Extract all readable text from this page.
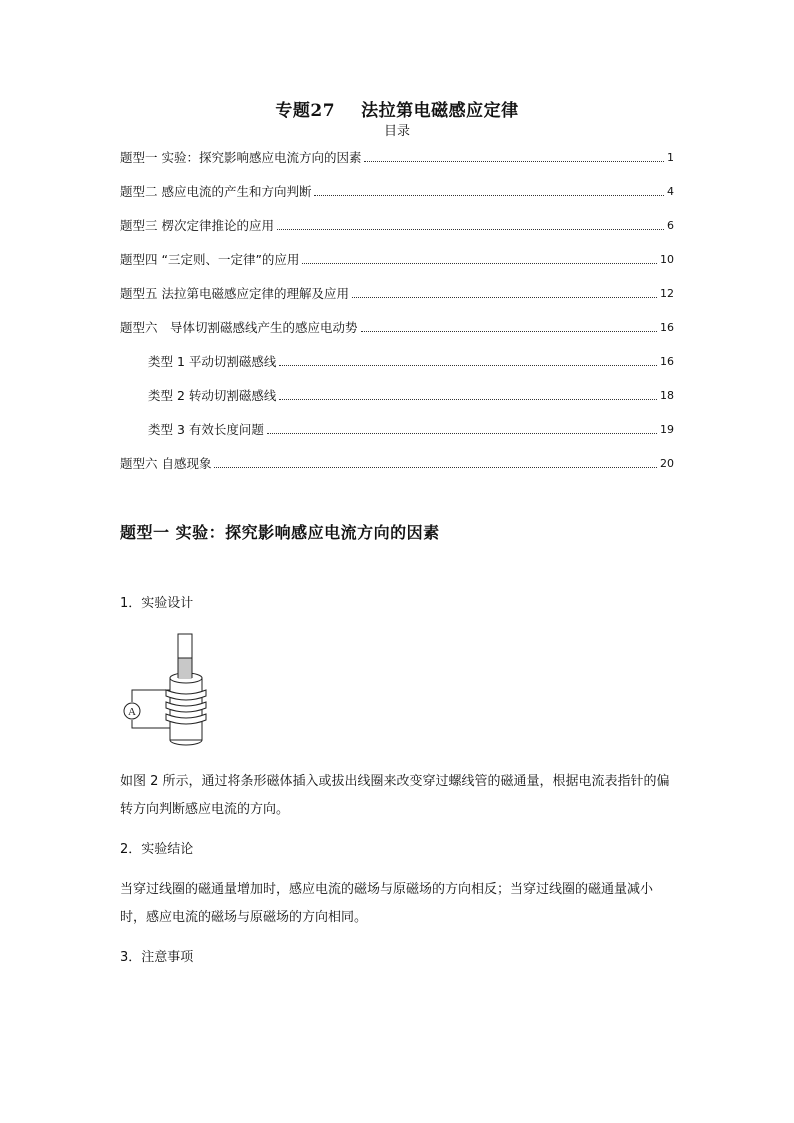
专题27 法拉第电磁感应定律
目录
题型一 实验：探究影响感应电流方向的因素	1
题型二 感应电流的产生和方向判断	4
题型三 楞次定律推论的应用	6
题型四 “三定则、一定律”的应用	10
题型五 法拉第电磁感应定律的理解及应用	12
题型六　导体切割磁感线产生的感应电动势	16
类型 1 平动切割磁感线	16
类型 2 转动切割磁感线	18
类型 3 有效长度问题	19
题型六 自感现象	20
题型一 实验：探究影响感应电流方向的因素
1．实验设计
A
如图 2 所示，通过将条形磁体插入或拔出线圈来改变穿过螺线管的磁通量，根据电流表指针的偏转方向判断感应电流的方向。
2．实验结论
当穿过线圈的磁通量增加时，感应电流的磁场与原磁场的方向相反；当穿过线圈的磁通量减小时，感应电流的磁场与原磁场的方向相同。
3．注意事项
